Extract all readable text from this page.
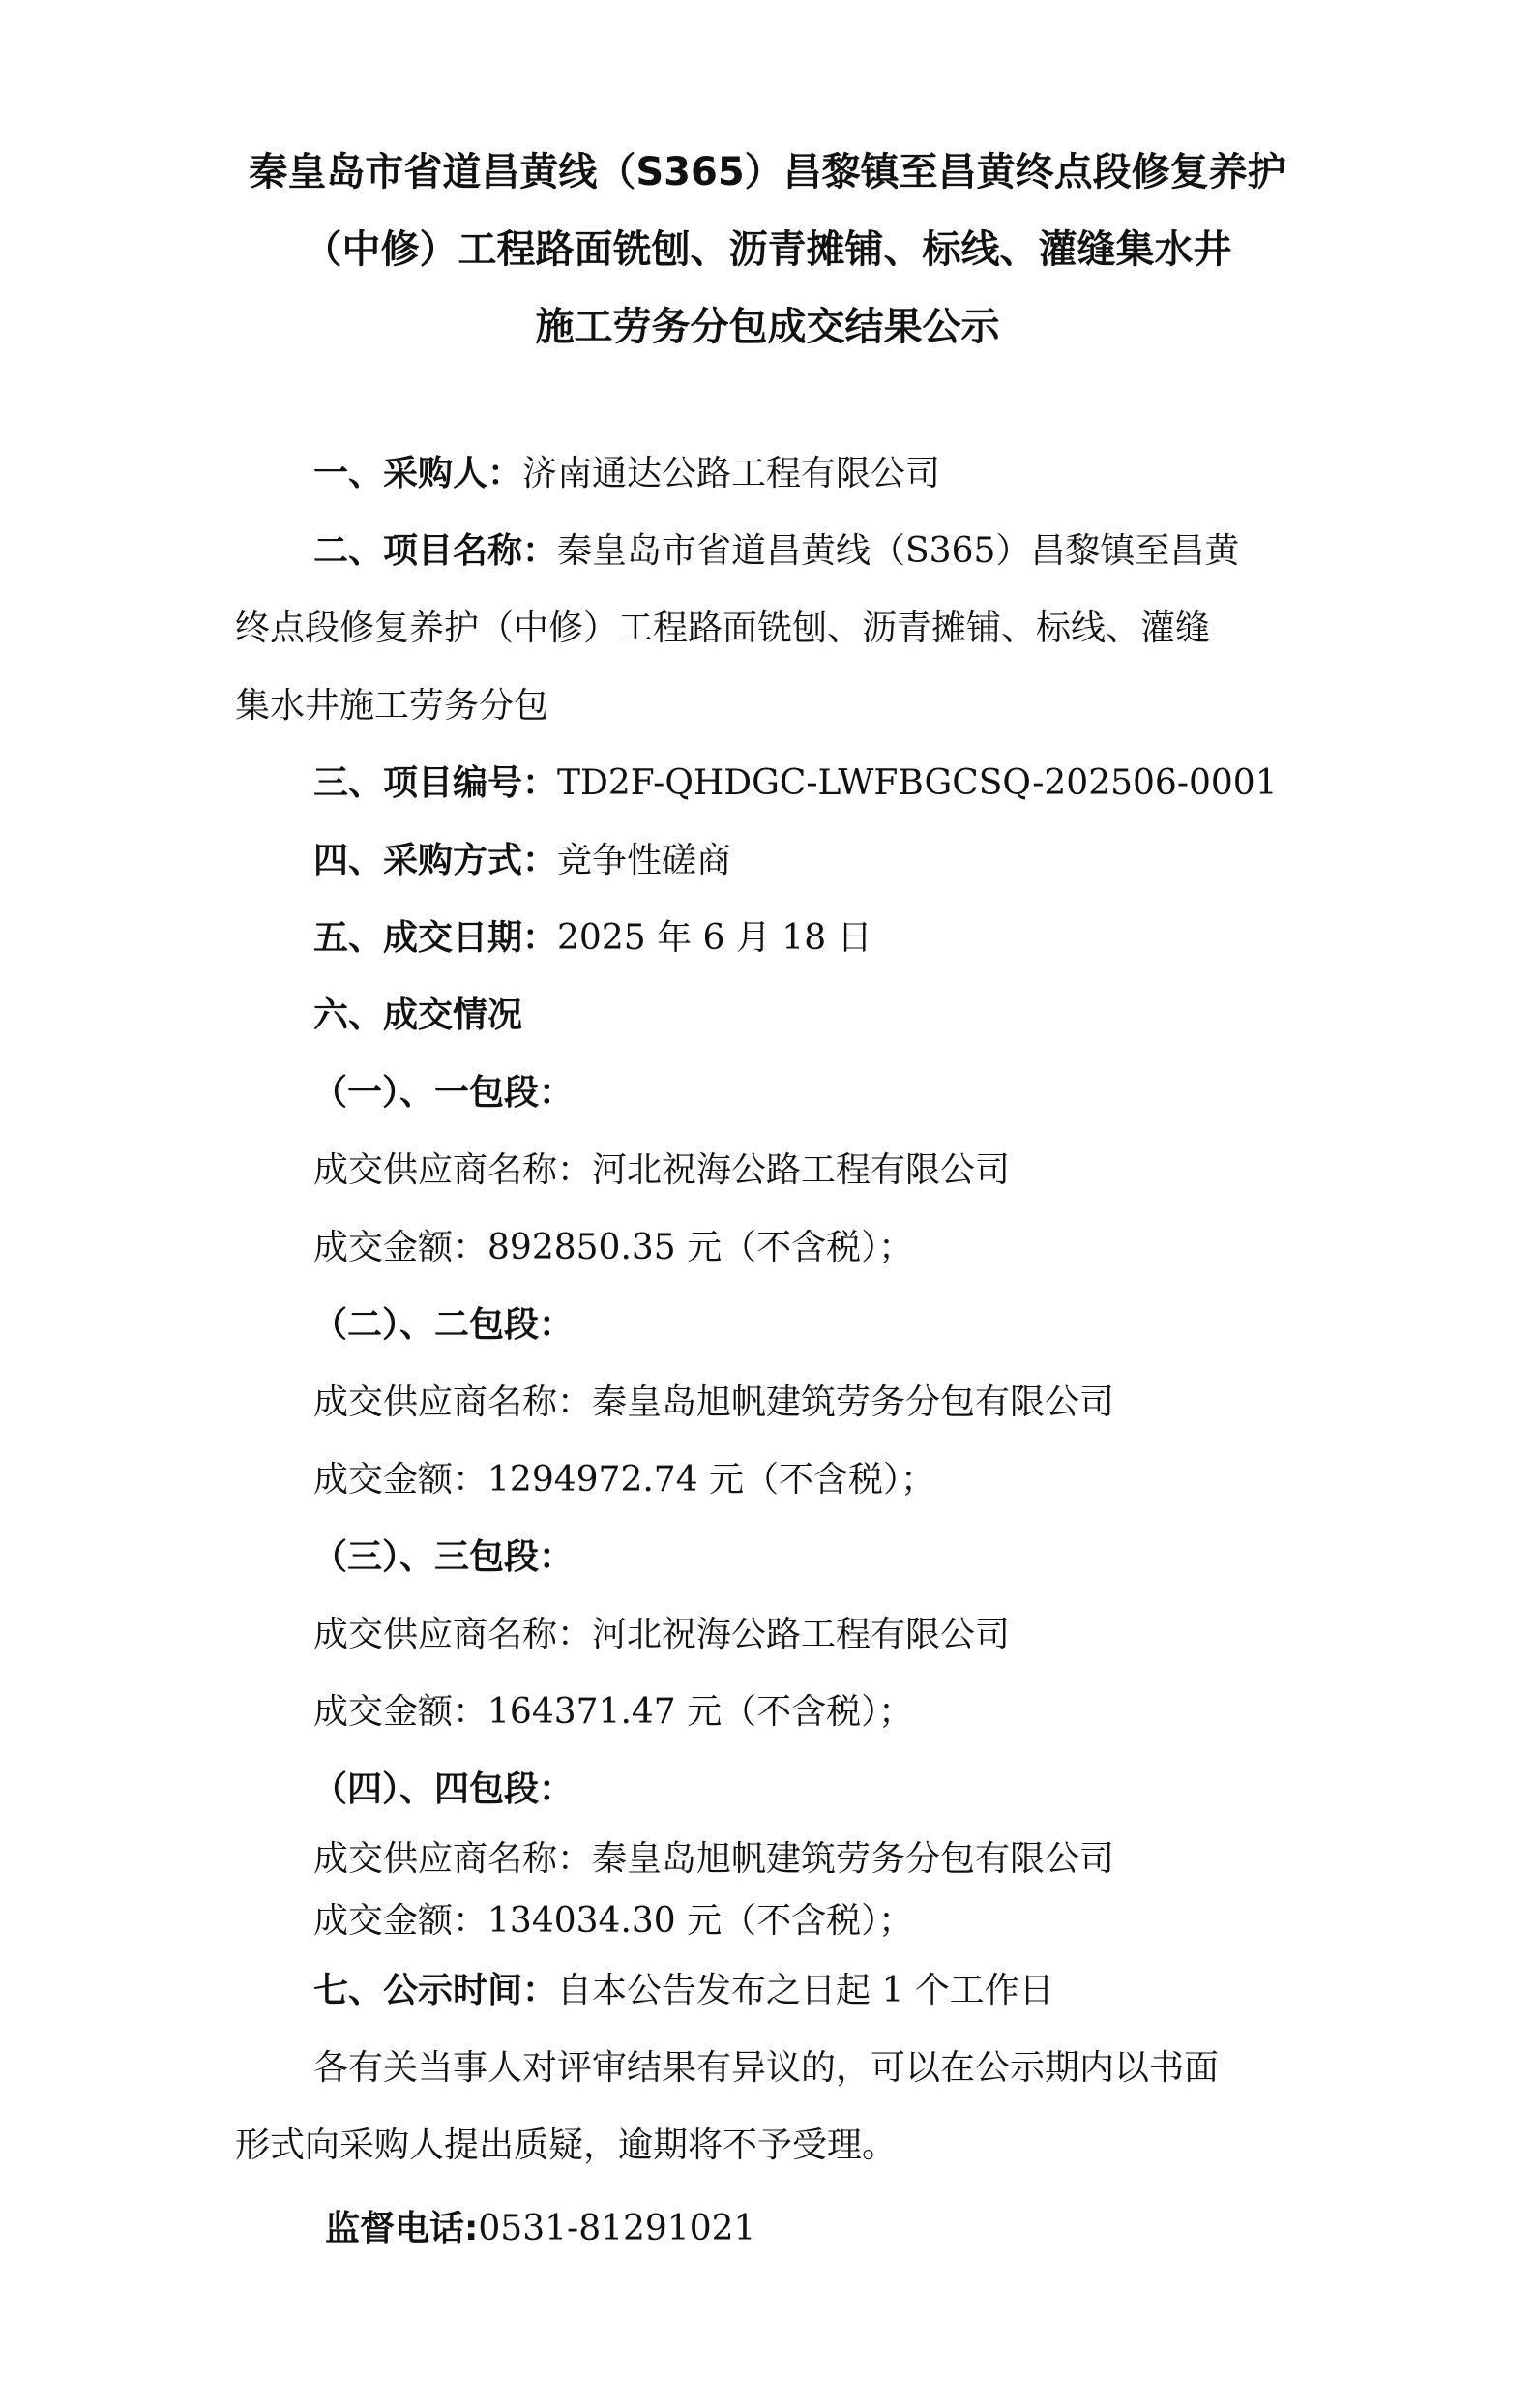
秦皇岛市省道昌黄线（S365）昌黎镇至昌黄终点段修复养护
（中修）工程路面铣刨、沥青摊铺、标线、灌缝集水井
施工劳务分包成交结果公示
一、采购人：济南通达公路工程有限公司
二、项目名称：秦皇岛市省道昌黄线（S365）昌黎镇至昌黄
终点段修复养护（中修）工程路面铣刨、沥青摊铺、标线、灌缝
集水井施工劳务分包
三、项目编号：TD2F-QHDGC-LWFBGCSQ-202506-0001
四、采购方式：竞争性磋商
五、成交日期：2025 年 6 月 18 日
六、成交情况
（一）、一包段：
成交供应商名称：河北祝海公路工程有限公司
成交金额：892850.35 元（不含税）；
（二）、二包段：
成交供应商名称：秦皇岛旭帆建筑劳务分包有限公司
成交金额：1294972.74 元（不含税）；
（三）、三包段：
成交供应商名称：河北祝海公路工程有限公司
成交金额：164371.47 元（不含税）；
（四）、四包段：
成交供应商名称：秦皇岛旭帆建筑劳务分包有限公司
成交金额：134034.30 元（不含税）；
七、公示时间：自本公告发布之日起 1 个工作日
各有关当事人对评审结果有异议的，可以在公示期内以书面
形式向采购人提出质疑，逾期将不予受理。
监督电话:0531-81291021
